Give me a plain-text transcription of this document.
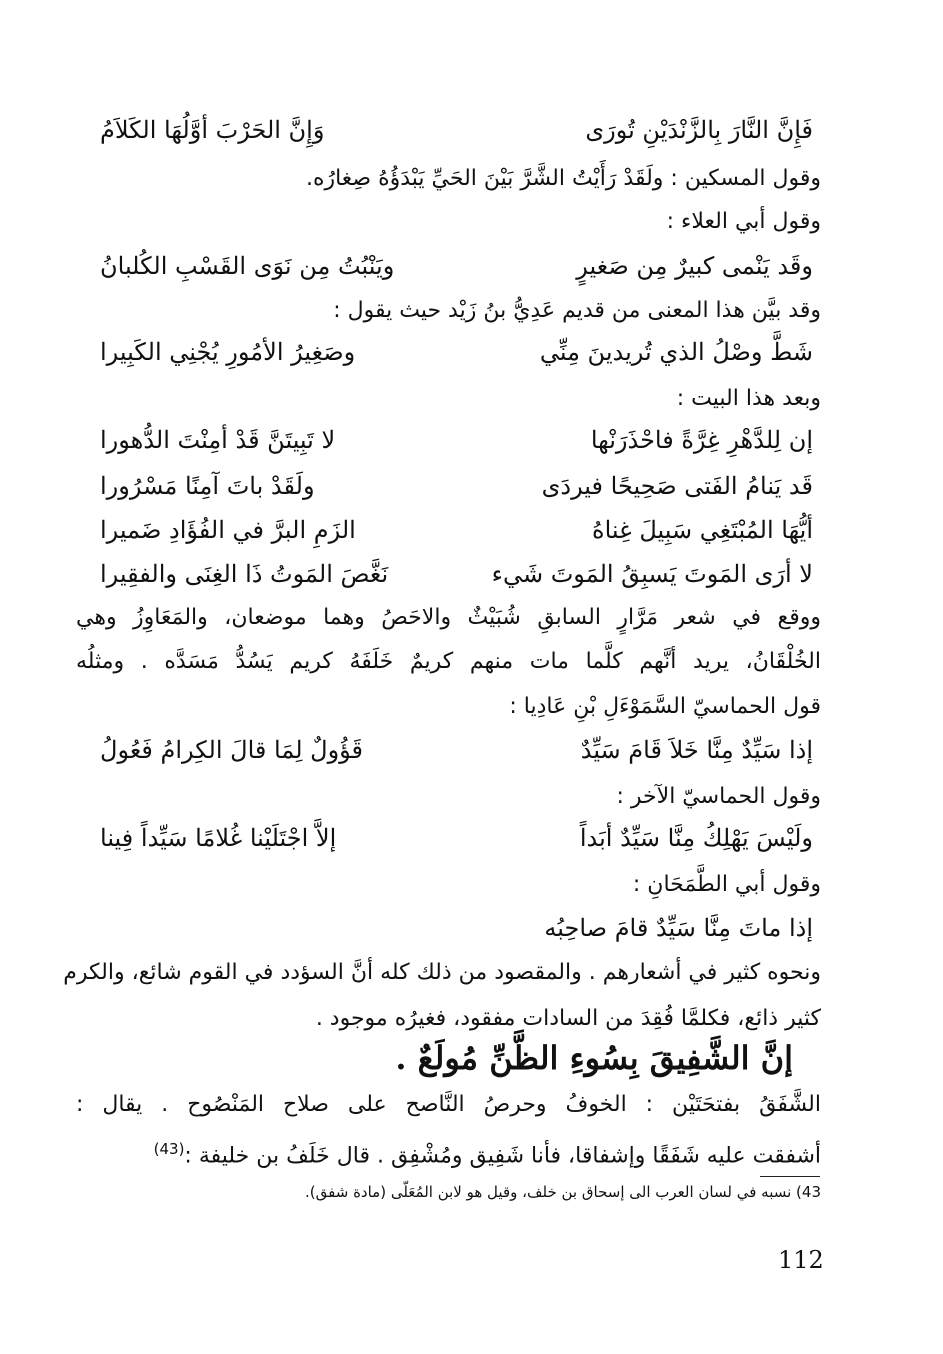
فَإِنَّ النَّارَ بِالزَّنْدَيْنِ تُورَى
وَإِنَّ الحَرْبَ أوَّلُهَا الكَلاَمُ
وقول المسكين : ولَقَدْ رَأَيْتُ الشَّرَّ بَيْنَ الحَيِّ يَبْدَؤُهُ صِغارُه.
وقول أبي العلاء :
وقَد يَنْمى كبيرٌ مِن صَغيرٍ
ويَنْبُتُ مِن نَوَى القَسْبِ الكُلبانُ
وقد بيَّن هذا المعنى من قديم عَدِيُّ بنُ زَيْد حيث يقول :
شَطَّ وصْلُ الذي تُريدينَ مِنِّي
وصَغِيرُ الأمُورِ يُجْنِي الكَبِيرا
وبعد هذا البيت :
إن لِلدَّهْرِ غِرَّةً فاحْذَرَنْها
لا تَبِيتَنَّ قَدْ أمِنْتَ الدُّهورا
قَد يَنامُ الفَتى صَحِيحًا فيردَى
ولَقَدْ باتَ آمِنًا مَسْرُورا
أيُّهَا المُبْتَغِي سَبِيلَ غِناهُ
الزَمِ البرَّ في الفُؤَادِ ضَميرا
لا أرَى المَوتَ يَسبِقُ المَوتَ شَيء
نَغَّصَ المَوتُ ذَا الغِنَى والفقِيرا
ووقع في شعر مَرَّارٍ السابقِ شُبَيْثٌ والاحَصُ وهما موضعان، والمَعَاوِزُ وهي
الخُلْقَانُ، يريد أنَّهم كلَّما مات منهم كريمٌ خَلَفَهُ كريم يَسُدُّ مَسَدَّه . ومثلُه
قول الحماسيّ السَّمَوْءَلِ بْنِ عَادِيا :
إذا سَيِّدٌ مِنَّا خَلاَ قَامَ سَيِّدٌ
قَؤُولٌ لِمَا قالَ الكِرامُ فَعُولُ
وقول الحماسيّ الآخر :
ولَيْسَ يَهْلِكُ مِنَّا سَيِّدٌ أبَداً
إلاَّ اجْتَلَيْنا غُلامًا سَيِّداً فِينا
وقول أبي الطَّمَحَانِ :
إذا ماتَ مِنَّا سَيِّدٌ قامَ صاحِبُه
ونحوه كثير في أشعارهم . والمقصود من ذلك كله أنَّ السؤدد في القوم شائع، والكرم
كثير ذائع، فكلمَّا فُقِدَ من السادات مفقود، فغيرُه موجود .
إنَّ الشَّفِيقَ بِسُوءِ الظَّنِّ مُولَعٌ .
الشَّفَقُ بفتحَتَيْن : الخوفُ وحرصُ النَّاصح على صلاح المَنْصُوح . يقال :
أشفقت عليه شَفَقًا وإشفاقا، فأنا شَفِيق ومُشْفِق . قال خَلَفُ بن خليفة :$^{(43)}$
43) نسبه في لسان العرب الى إسحاق بن خلف، وقيل هو لابن المُعَلّى (مادة شفق).
112
